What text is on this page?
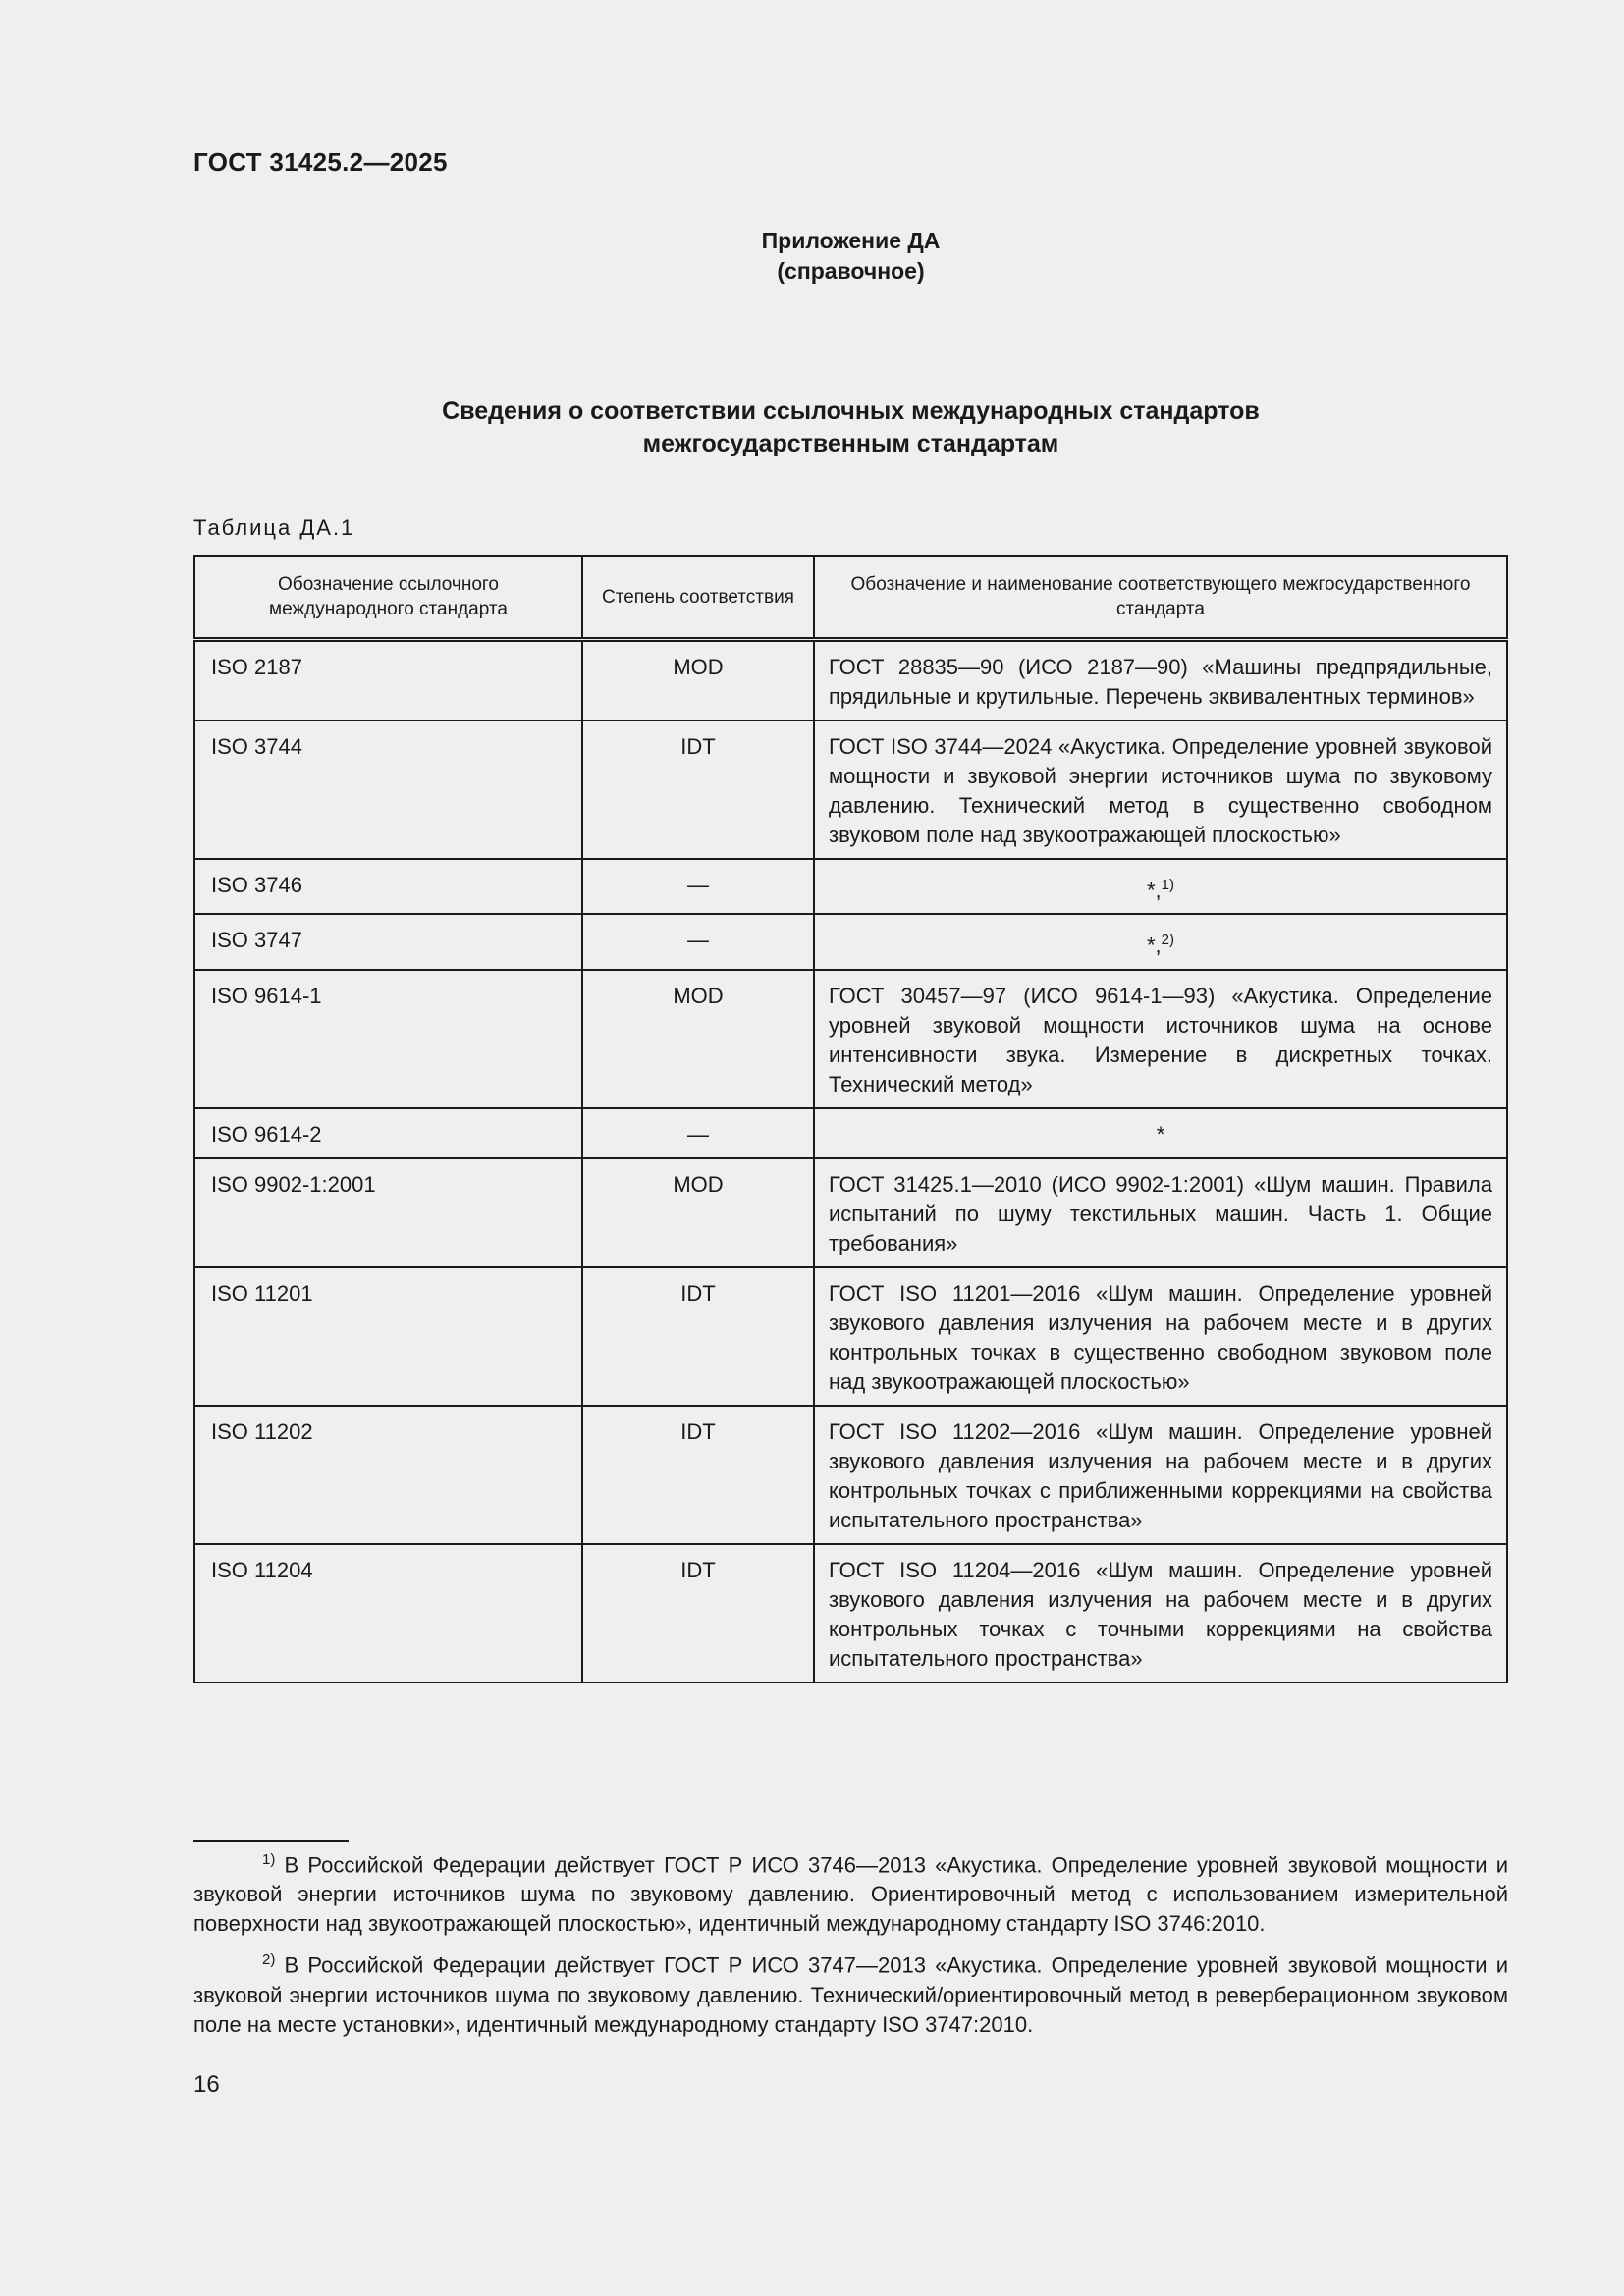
ГОСТ 31425.2—2025
Приложение ДА
(справочное)
Сведения о соответствии ссылочных международных стандартов
межгосударственным стандартам
Таблица ДА.1
Обозначение ссылочного международного стандарта	Степень соответствия	Обозначение и наименование соответствующего межгосударственного стандарта
ISO 2187	MOD	ГОСТ 28835—90 (ИСО 2187—90) «Машины предпрядильные, прядильные и крутильные. Перечень эквивалентных терминов»
ISO 3744	IDT	ГОСТ ISO 3744—2024 «Акустика. Определение уровней звуковой мощности и звуковой энергии источников шума по звуковому давлению. Технический метод в существенно свободном звуковом поле над звукоотражающей плоскостью»
ISO 3746	—	*,$^{1)}$
ISO 3747	—	*,$^{2)}$
ISO 9614-1	MOD	ГОСТ 30457—97 (ИСО 9614-1—93) «Акустика. Определение уровней звуковой мощности источников шума на основе интенсивности звука. Измерение в дискретных точках. Технический метод»
ISO 9614-2	—	*
ISO 9902-1:2001	MOD	ГОСТ 31425.1—2010 (ИСО 9902-1:2001) «Шум машин. Правила испытаний по шуму текстильных машин. Часть 1. Общие требования»
ISO 11201	IDT	ГОСТ ISO 11201—2016 «Шум машин. Определение уровней звукового давления излучения на рабочем месте и в других контрольных точках в существенно свободном звуковом поле над звукоотражающей плоскостью»
ISO 11202	IDT	ГОСТ ISO 11202—2016 «Шум машин. Определение уровней звукового давления излучения на рабочем месте и в других контрольных точках с приближенными коррекциями на свойства испытательного пространства»
ISO 11204	IDT	ГОСТ ISO 11204—2016 «Шум машин. Определение уровней звукового давления излучения на рабочем месте и в других контрольных точках с точными коррекциями на свойства испытательного пространства»

$^{1)}$ В Российской Федерации действует ГОСТ Р ИСО 3746—2013 «Акустика. Определение уровней звуковой мощности и звуковой энергии источников шума по звуковому давлению. Ориентировочный метод с использованием измерительной поверхности над звукоотражающей плоскостью», идентичный международному стандарту ISO 3746:2010.

$^{2)}$ В Российской Федерации действует ГОСТ Р ИСО 3747—2013 «Акустика. Определение уровней звуковой мощности и звуковой энергии источников шума по звуковому давлению. Технический/ориентировочный метод в реверберационном звуковом поле на месте установки», идентичный международному стандарту ISO 3747:2010.

16
